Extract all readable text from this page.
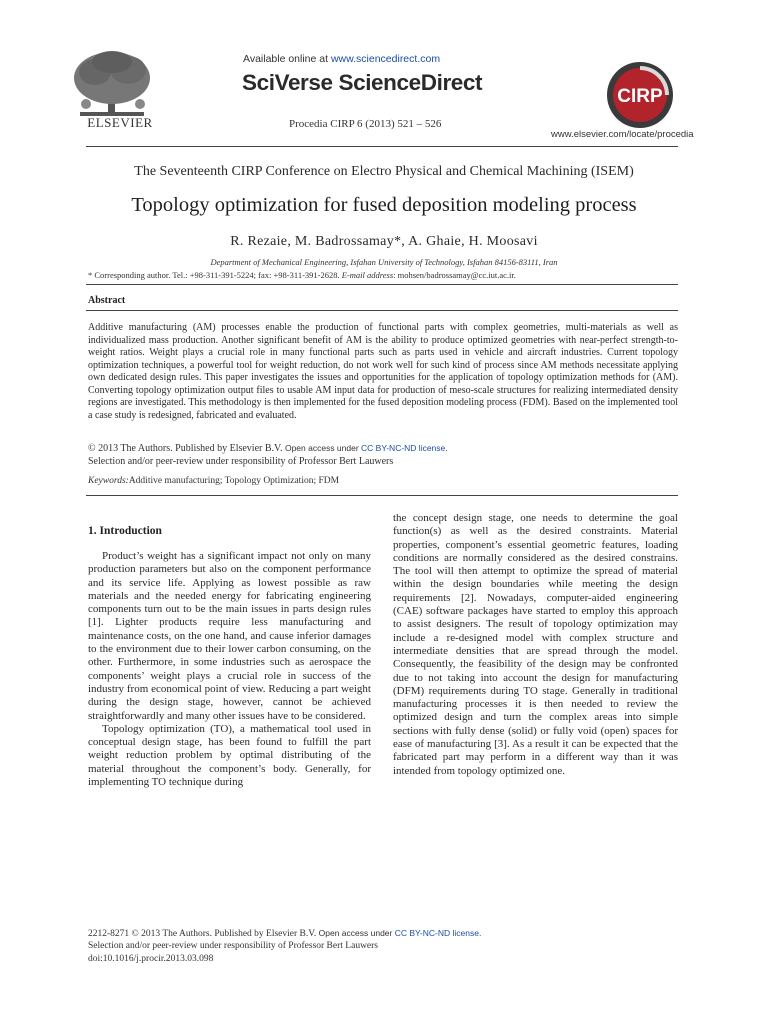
ELSEVIER
Available online at www.sciencedirect.com
SciVerse ScienceDirect
Procedia CIRP 6 (2013) 521 – 526
CIRP
www.elsevier.com/locate/procedia
The Seventeenth CIRP Conference on Electro Physical and Chemical Machining (ISEM)
Topology optimization for fused deposition modeling process
R. Rezaie, M. Badrossamay*, A. Ghaie, H. Moosavi
Department of Mechanical Engineering, Isfahan University of Technology, Isfahan 84156-83111, Iran
* Corresponding author. Tel.: +98-311-391-5224; fax: +98-311-391-2628. E-mail address: mohsen/badrossamay@cc.iut.ac.ir.
Abstract
Additive manufacturing (AM) processes enable the production of functional parts with complex geometries, multi-materials as well as individualized mass production. Another significant benefit of AM is the ability to produce optimized geometries with near-perfect strength-to-weight ratios. Weight plays a crucial role in many functional parts such as parts used in vehicle and aircraft industries. Current topology optimization techniques, a powerful tool for weight reduction, do not work well for such kind of process since AM methods necessitate applying own dedicated design rules. This paper investigates the issues and opportunities for the application of topology optimization methods for (AM). Converting topology optimization output files to usable AM input data for production of meso-scale structures for realizing intermediated density regions are investigated. This methodology is then implemented for the fused deposition modeling process (FDM). Based on the implemented tool a case study is redesigned, fabricated and evaluated.
© 2013 The Authors. Published by Elsevier B.V. Open access under CC BY-NC-ND license.
Selection and/or peer-review under responsibility of Professor Bert Lauwers
Keywords:Additive manufacturing; Topology Optimization; FDM
1. Introduction

Product’s weight has a significant impact not only on many production parameters but also on the component performance and its service life. Applying as lowest possible as raw materials and the needed energy for fabricating engineering components turn out to be the main issues in parts design rules [1]. Lighter products require less manufacturing and maintenance costs, on the one hand, and cause inferior damages to the environment due to their lower carbon consuming, on the other. Furthermore, in some industries such as aerospace the components’ weight plays a crucial role in success of the industry from economical point of view. Reducing a part weight during the design stage, however, cannot be achieved straightforwardly and many other issues have to be considered.

Topology optimization (TO), a mathematical tool used in conceptual design stage, has been found to fulfill the part weight reduction problem by optimal distributing of the material throughout the component’s body. Generally, for implementing TO technique during

the concept design stage, one needs to determine the goal function(s) as well as the desired constraints. Material properties, component’s essential geometric features, loading conditions are normally considered as the desired constrains. The tool will then attempt to optimize the spread of material within the design boundaries while meeting the design requirements [2]. Nowadays, computer-aided engineering (CAE) software packages have started to employ this approach to assist designers. The result of topology optimization may include a re-designed model with complex structure and intermediate densities that are spread through the model. Consequently, the feasibility of the design may be confronted due to not taking into account the design for manufacturing (DFM) requirements during TO stage. Generally in traditional manufacturing processes it is then needed to review the optimized design and turn the complex areas into simple sections with fully dense (solid) or fully void (open) spaces for ease of manufacturing [3]. As a result it can be expected that the fabricated part may perform in a different way than it was intended from topology optimized one.

2212-8271 © 2013 The Authors. Published by Elsevier B.V. Open access under CC BY-NC-ND license.
Selection and/or peer-review under responsibility of Professor Bert Lauwers
doi:10.1016/j.procir.2013.03.098
